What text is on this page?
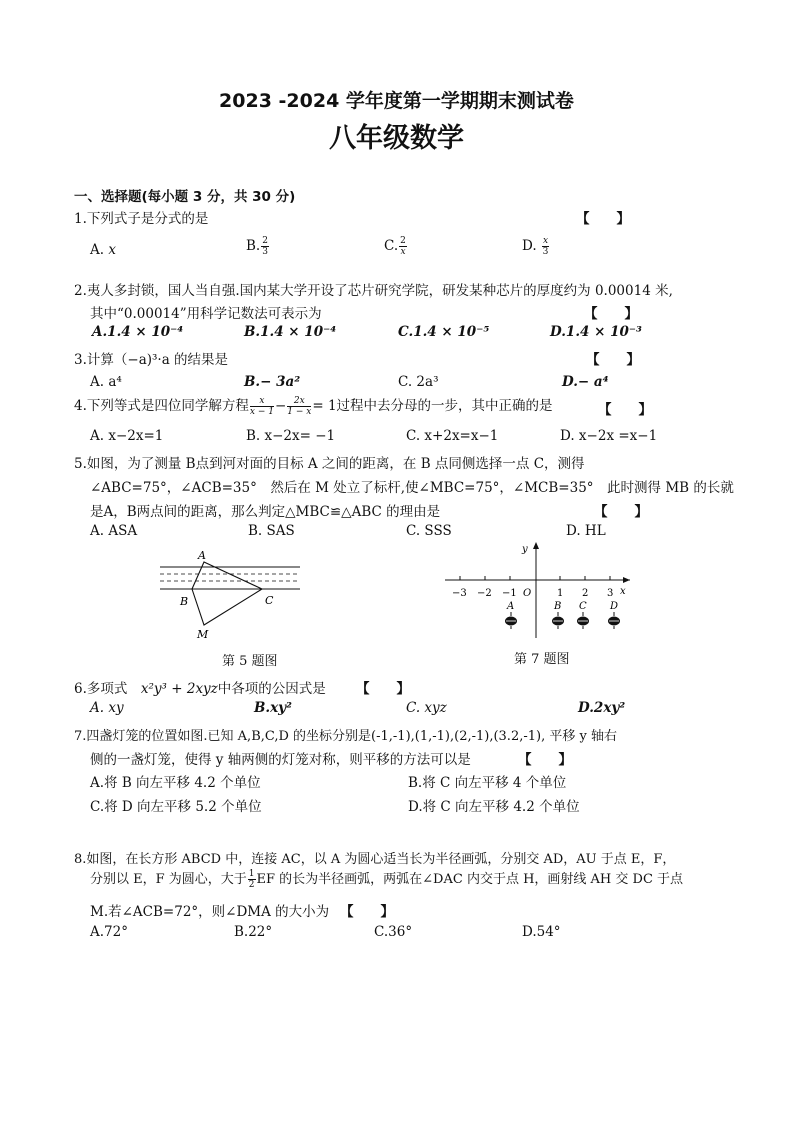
2023 -2024 学年度第一学期期末测试卷
八年级数学
一、选择题(每小题 3 分，共 30 分)
1.下列式子是分式的是	【　　】
A. x	B. $\frac{2}{3}$	C. $\frac{2}{x}$	D. $\frac{x}{3}$
2.夷人多封锁，国人当自强.国内某大学开设了芯片研究学院，研发某种芯片的厚度约为 0.00014 米,
其中“0.00014”用科学记数法可表示为	【　　】
A.1.4 × 10⁻⁴	B.1.4 × 10⁻⁴	C.1.4 × 10⁻⁵	D.1.4 × 10⁻³
3.计算（−a)³·a 的结果是	【　　】
A. a⁴	B.− 3a²	C. 2a³	D.− a⁴
4.下列等式是四位同学解方程 $\frac{x}{x - 1} - \frac{2x}{1 - x} = 1$过程中去分母的一步，其中正确的是	【　　】
A. x−2x=1	B. x−2x= −1	C. x+2x=x−1	D. x−2x =x−1
5.如图，为了测量 B点到河对面的目标 A 之间的距离，在 B 点同侧选择一点 C，测得
∠ABC=75°，∠ACB=35°　然后在 M 处立了标杆,使∠MBC=75°，∠MCB=35°　此时测得 MB 的长就
是A，B两点间的距离，那么判定△MBC≌△ABC 的理由是	【　　】
A. ASA	B. SAS	C. SSS	D. HL
A
B	C
M
第 5 题图
−3 −2 −1 O	1 2 3
y
x
A	B C D
第 7 题图
6.多项式　x²y³ + 2xyz中各项的公因式是 【　　】
A. xy	B.xy²	C. xyz	D.2xy²
7.四盏灯笼的位置如图.已知 A,B,C,D 的坐标分别是(-1,-1),(1,-1),(2,-1),(3.2,-1), 平移 y 轴右
侧的一盏灯笼，使得 y 轴两侧的灯笼对称，则平移的方法可以是	【　　】
A.将 B 向左平移 4.2 个单位	B.将 C 向左平移 4 个单位
C.将 D 向左平移 5.2 个单位	D.将 C 向左平移 4.2 个单位
8.如图，在长方形 ABCD 中，连接 AC，以 A 为圆心适当长为半径画弧，分别交 AD，AU 于点 E，F，
分别以 E，F 为圆心，大于 $\frac{1}{2}$ EF 的长为半径画弧，两弧在∠DAC 内交于点 H，画射线 AH 交 DC 于点
M.若∠ACB=72°，则∠DMA 的大小为 【　　】
A.72°	B.22°	C.36°	D.54°
